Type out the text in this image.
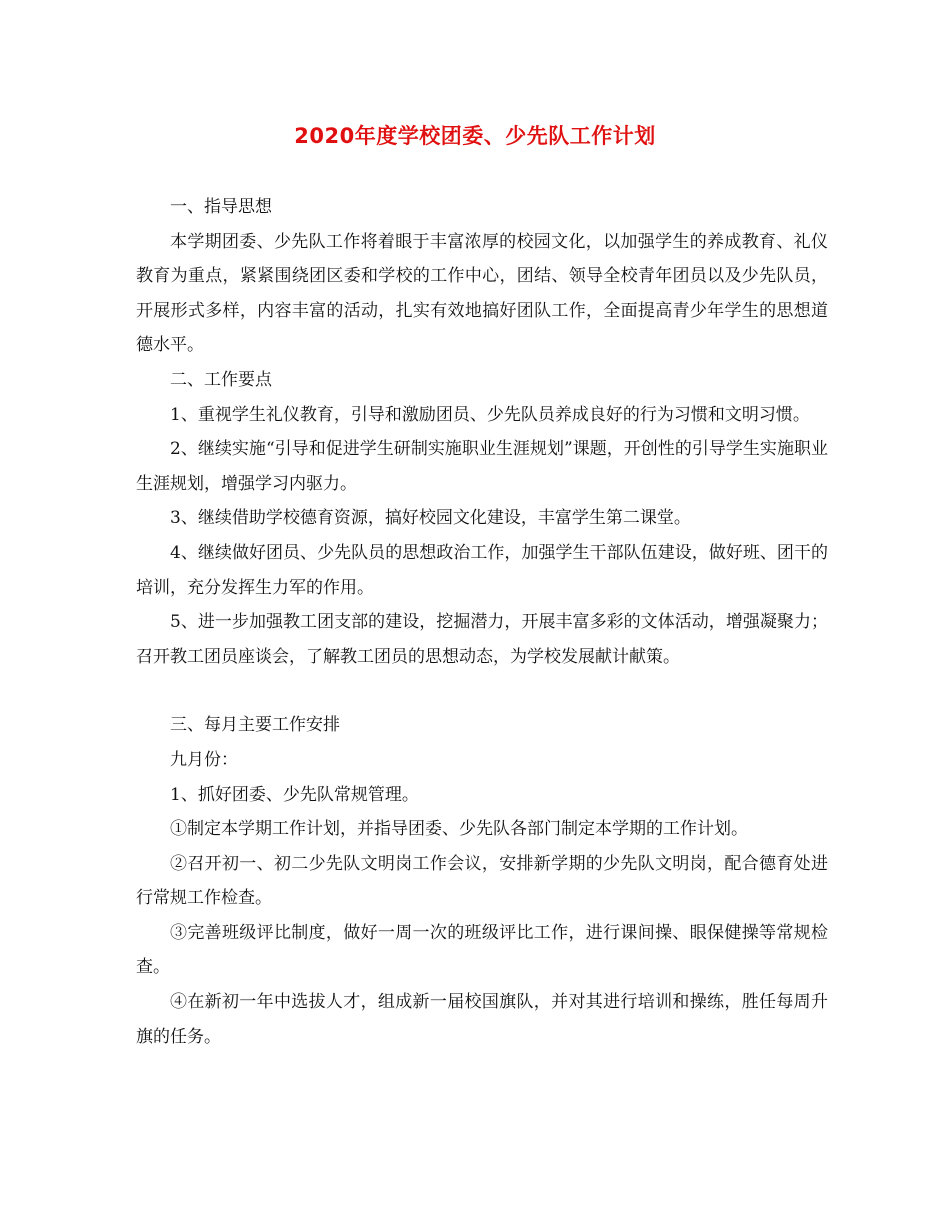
2020年度学校团委、少先队工作计划

一、指导思想

本学期团委、少先队工作将着眼于丰富浓厚的校园文化，以加强学生的养成教育、礼仪教育为重点，紧紧围绕团区委和学校的工作中心，团结、领导全校青年团员以及少先队员，开展形式多样，内容丰富的活动，扎实有效地搞好团队工作，全面提高青少年学生的思想道德水平。

二、工作要点

1、重视学生礼仪教育，引导和激励团员、少先队员养成良好的行为习惯和文明习惯。

2、继续实施“引导和促进学生研制实施职业生涯规划”课题，开创性的引导学生实施职业生涯规划，增强学习内驱力。

3、继续借助学校德育资源，搞好校园文化建设，丰富学生第二课堂。

4、继续做好团员、少先队员的思想政治工作，加强学生干部队伍建设，做好班、团干的培训，充分发挥生力军的作用。

5、进一步加强教工团支部的建设，挖掘潜力，开展丰富多彩的文体活动，增强凝聚力；召开教工团员座谈会，了解教工团员的思想动态，为学校发展献计献策。

三、每月主要工作安排

九月份：

1、抓好团委、少先队常规管理。

①制定本学期工作计划，并指导团委、少先队各部门制定本学期的工作计划。

②召开初一、初二少先队文明岗工作会议，安排新学期的少先队文明岗，配合德育处进行常规工作检查。

③完善班级评比制度，做好一周一次的班级评比工作，进行课间操、眼保健操等常规检查。

④在新初一年中选拔人才，组成新一届校国旗队，并对其进行培训和操练，胜任每周升旗的任务。
